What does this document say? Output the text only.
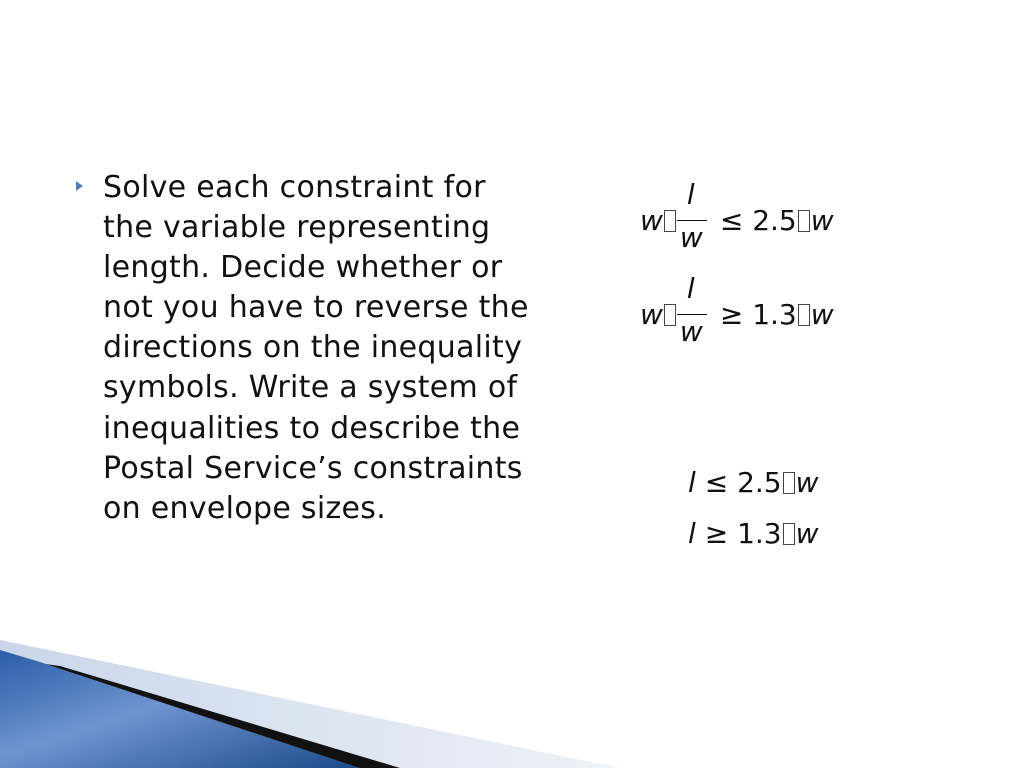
Solve each constraint for the variable representing length. Decide whether or not you have to reverse the directions on the inequality symbols. Write a system of inequalities to describe the Postal Service’s constraints on envelope sizes.
w $\frac{l}{w} \le 2.5$ w
w $\frac{l}{w} \ge 1.3$ w
l ≤ 2.5 w
l ≥ 1.3 w
